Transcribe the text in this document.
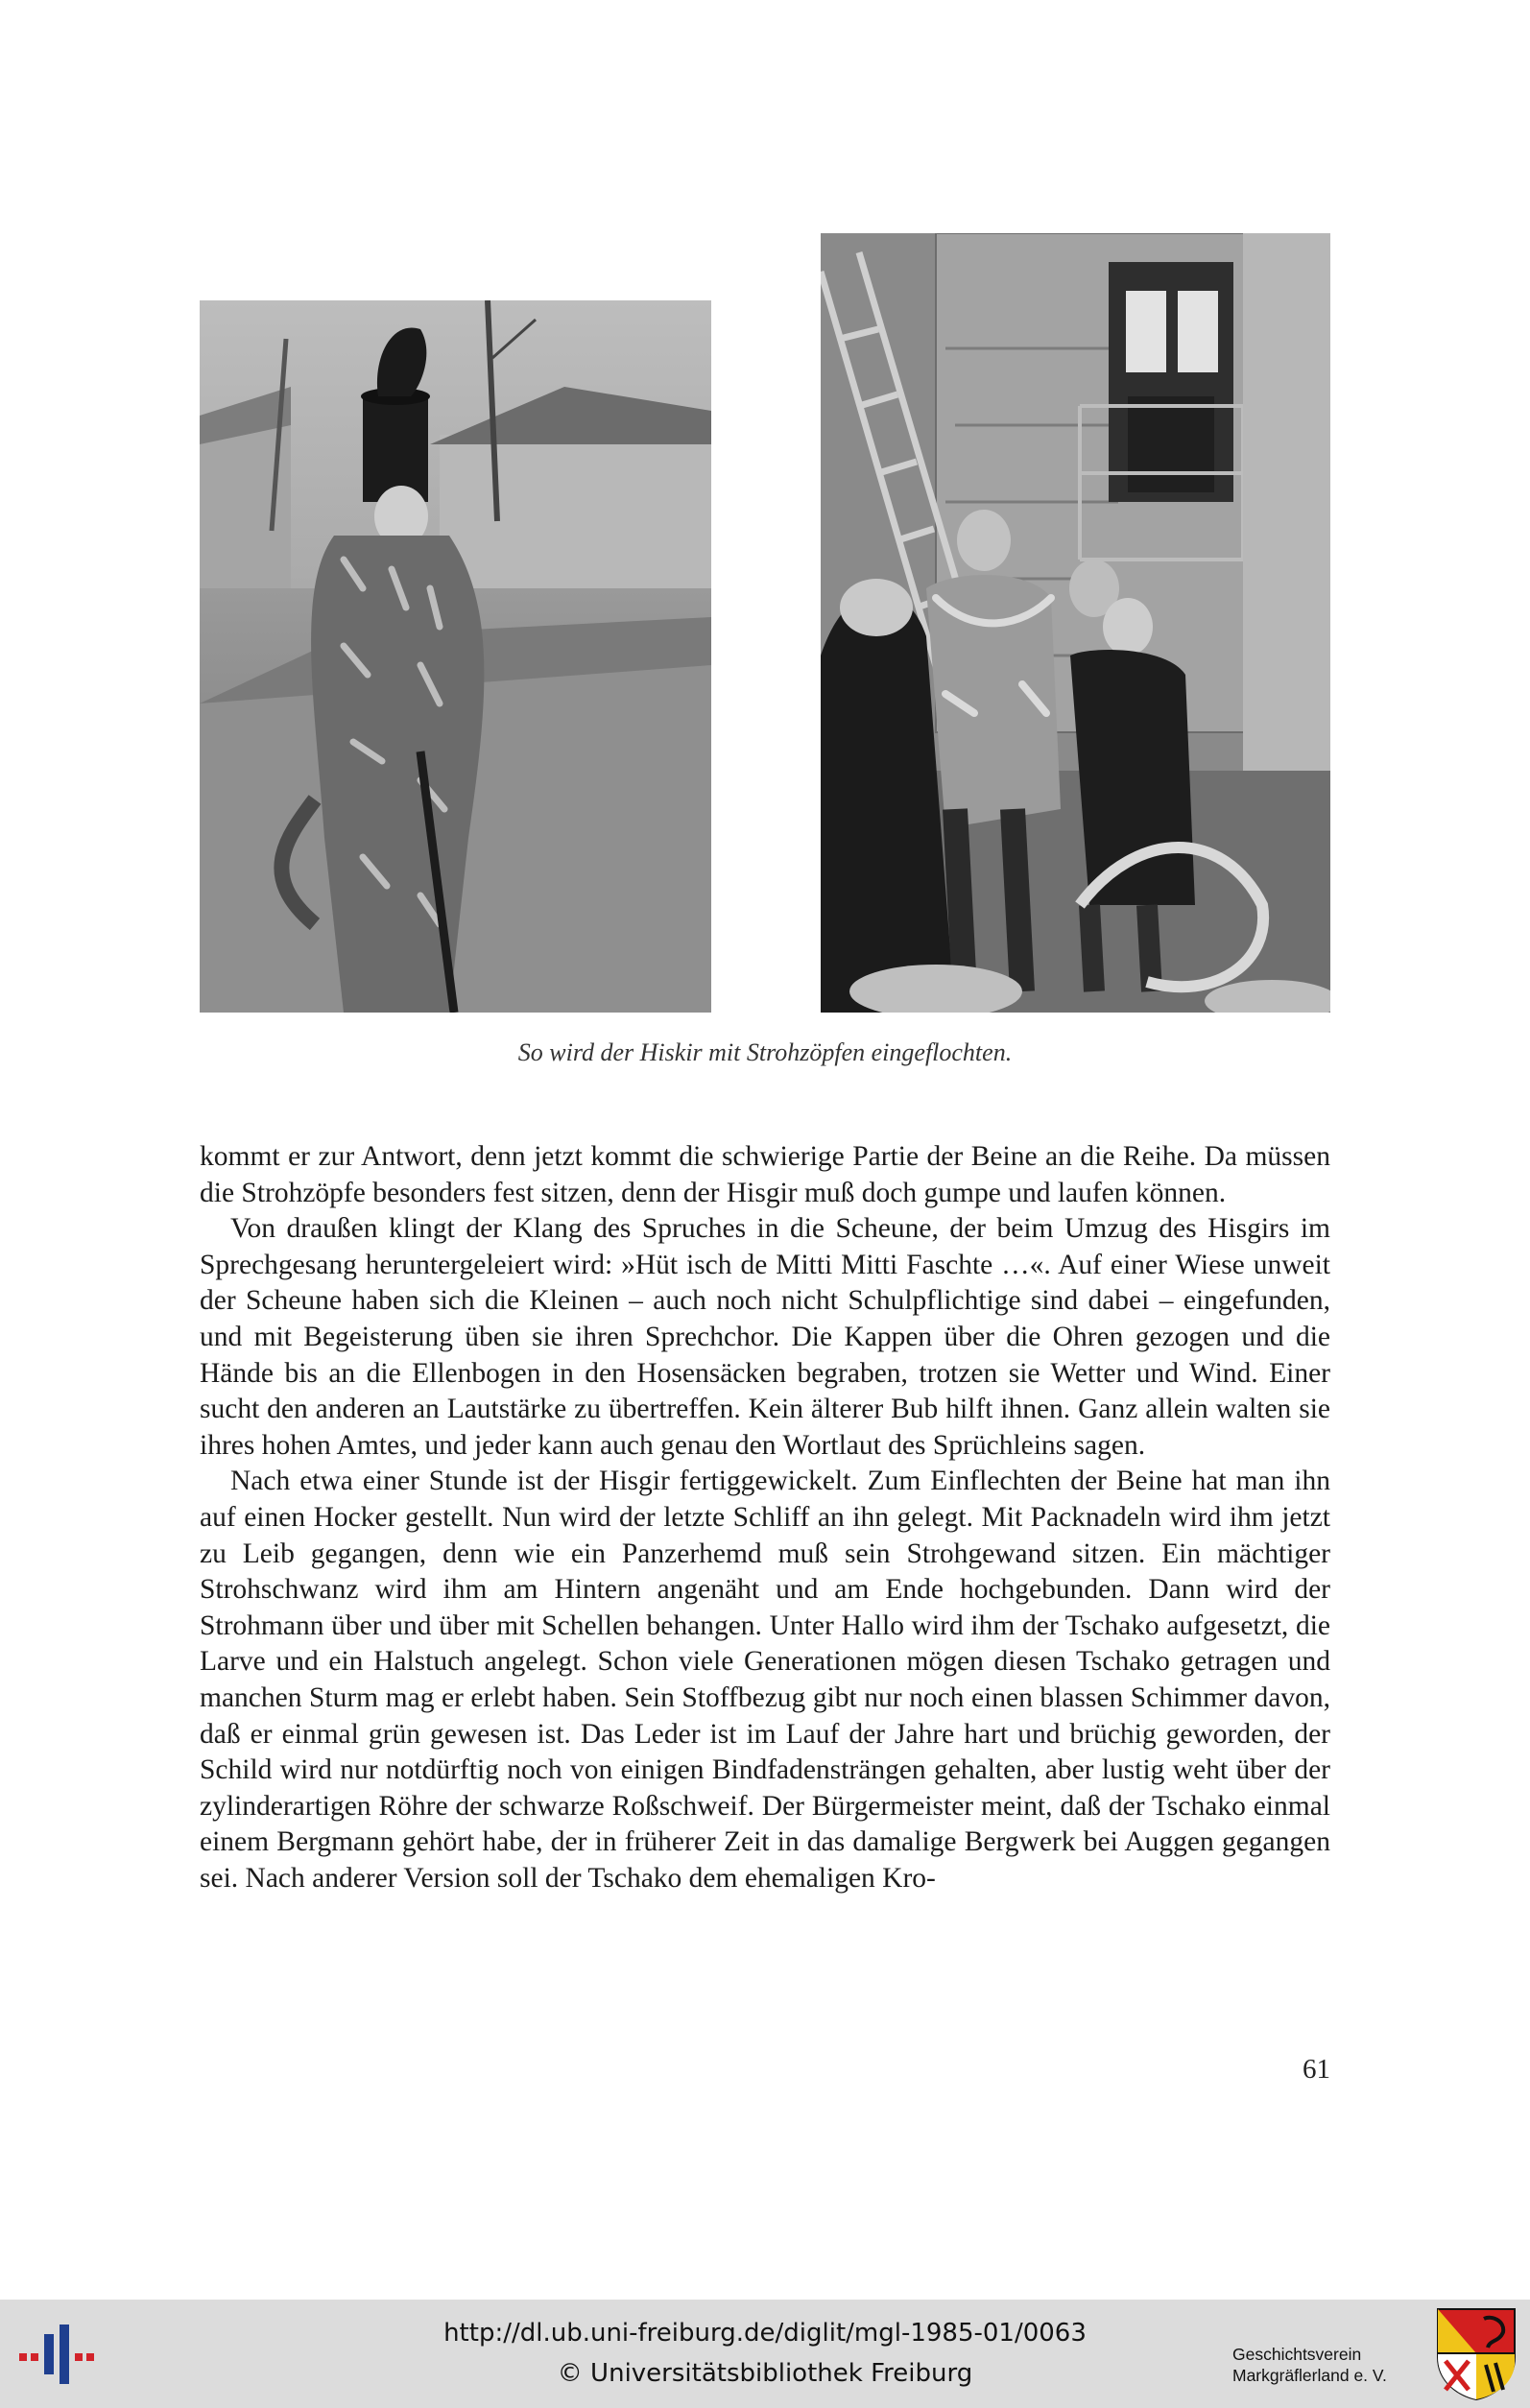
So wird der Hiskir mit Strohzöpfen eingeflochten.

kommt er zur Antwort, denn jetzt kommt die schwierige Partie der Beine an die Reihe. Da müssen die Strohzöpfe besonders fest sitzen, denn der Hisgir muß doch gumpe und laufen können.

Von draußen klingt der Klang des Spruches in die Scheune, der beim Umzug des Hisgirs im Sprechgesang heruntergeleiert wird: »Hüt isch de Mitti Mitti Faschte …«. Auf einer Wiese unweit der Scheune haben sich die Kleinen – auch noch nicht Schulpflichtige sind dabei – eingefunden, und mit Begeisterung üben sie ihren Sprechchor. Die Kappen über die Ohren gezogen und die Hände bis an die Ellenbogen in den Hosensäcken begraben, trotzen sie Wetter und Wind. Einer sucht den anderen an Lautstärke zu übertreffen. Kein älterer Bub hilft ihnen. Ganz allein walten sie ihres hohen Amtes, und jeder kann auch genau den Wortlaut des Sprüchleins sagen.

Nach etwa einer Stunde ist der Hisgir fertiggewickelt. Zum Einflechten der Beine hat man ihn auf einen Hocker gestellt. Nun wird der letzte Schliff an ihn gelegt. Mit Packnadeln wird ihm jetzt zu Leib gegangen, denn wie ein Panzerhemd muß sein Strohgewand sitzen. Ein mächtiger Strohschwanz wird ihm am Hintern angenäht und am Ende hochgebunden. Dann wird der Strohmann über und über mit Schellen behangen. Unter Hallo wird ihm der Tschako aufgesetzt, die Larve und ein Halstuch angelegt. Schon viele Generationen mögen diesen Tschako getragen und manchen Sturm mag er erlebt haben. Sein Stoffbezug gibt nur noch einen blassen Schimmer davon, daß er einmal grün gewesen ist. Das Leder ist im Lauf der Jahre hart und brüchig geworden, der Schild wird nur notdürftig noch von einigen Bindfadensträngen gehalten, aber lustig weht über der zylinderartigen Röhre der schwarze Roßschweif. Der Bürgermeister meint, daß der Tschako einmal einem Bergmann gehört habe, der in früherer Zeit in das damalige Bergwerk bei Auggen gegangen sei. Nach anderer Version soll der Tschako dem ehemaligen Kro-

61
http://dl.ub.uni-freiburg.de/diglit/mgl-1985-01/0063
© Universitätsbibliothek Freiburg
Geschichtsverein
Markgräflerland e. V.
